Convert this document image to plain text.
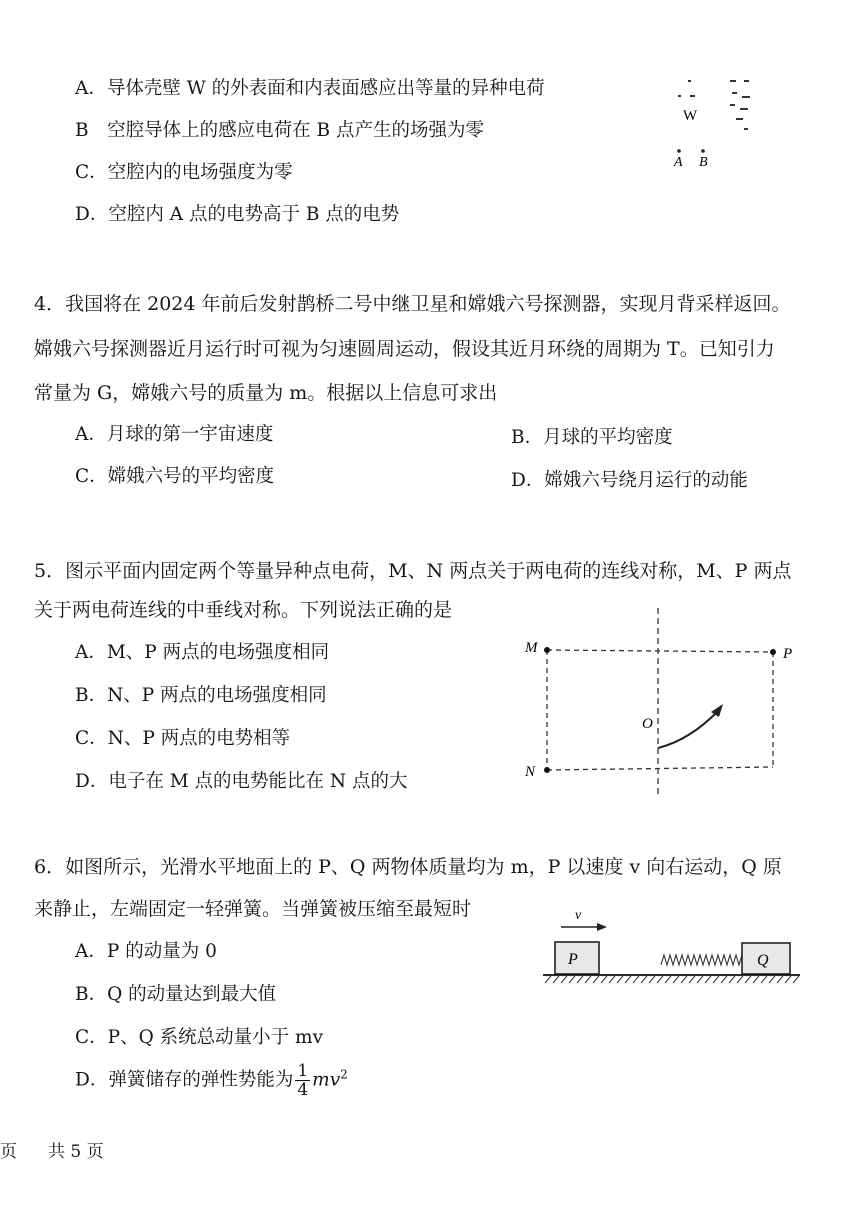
A．导体壳壁 W 的外表面和内表面感应出等量的异种电荷
B　空腔导体上的感应电荷在 B 点产生的场强为零
C．空腔内的电场强度为零
D．空腔内 A 点的电势高于 B 点的电势
W
A B
4．我国将在 2024 年前后发射鹊桥二号中继卫星和嫦娥六号探测器，实现月背采样返回。
嫦娥六号探测器近月运行时可视为匀速圆周运动，假设其近月环绕的周期为 T。已知引力
常量为 G，嫦娥六号的质量为 m。根据以上信息可求出
A．月球的第一宇宙速度	B．月球的平均密度
C．嫦娥六号的平均密度	D．嫦娥六号绕月运行的动能
5．图示平面内固定两个等量异种点电荷，M、N 两点关于两电荷的连线对称，M、P 两点
关于两电荷连线的中垂线对称。下列说法正确的是
A．M、P 两点的电场强度相同
B．N、P 两点的电场强度相同
C．N、P 两点的电势相等
D．电子在 M 点的电势能比在 N 点的大
M	P
N
O
6．如图所示，光滑水平地面上的 P、Q 两物体质量均为 m，P 以速度 v 向右运动，Q 原
来静止，左端固定一轻弹簧。当弹簧被压缩至最短时
A．P 的动量为 0
B．Q 的动量达到最大值
C．P、Q 系统总动量小于 mv
D．弹簧储存的弹性势能为 $\frac{1}{4} mv^2$
v
P	Q
页 共 5 页
